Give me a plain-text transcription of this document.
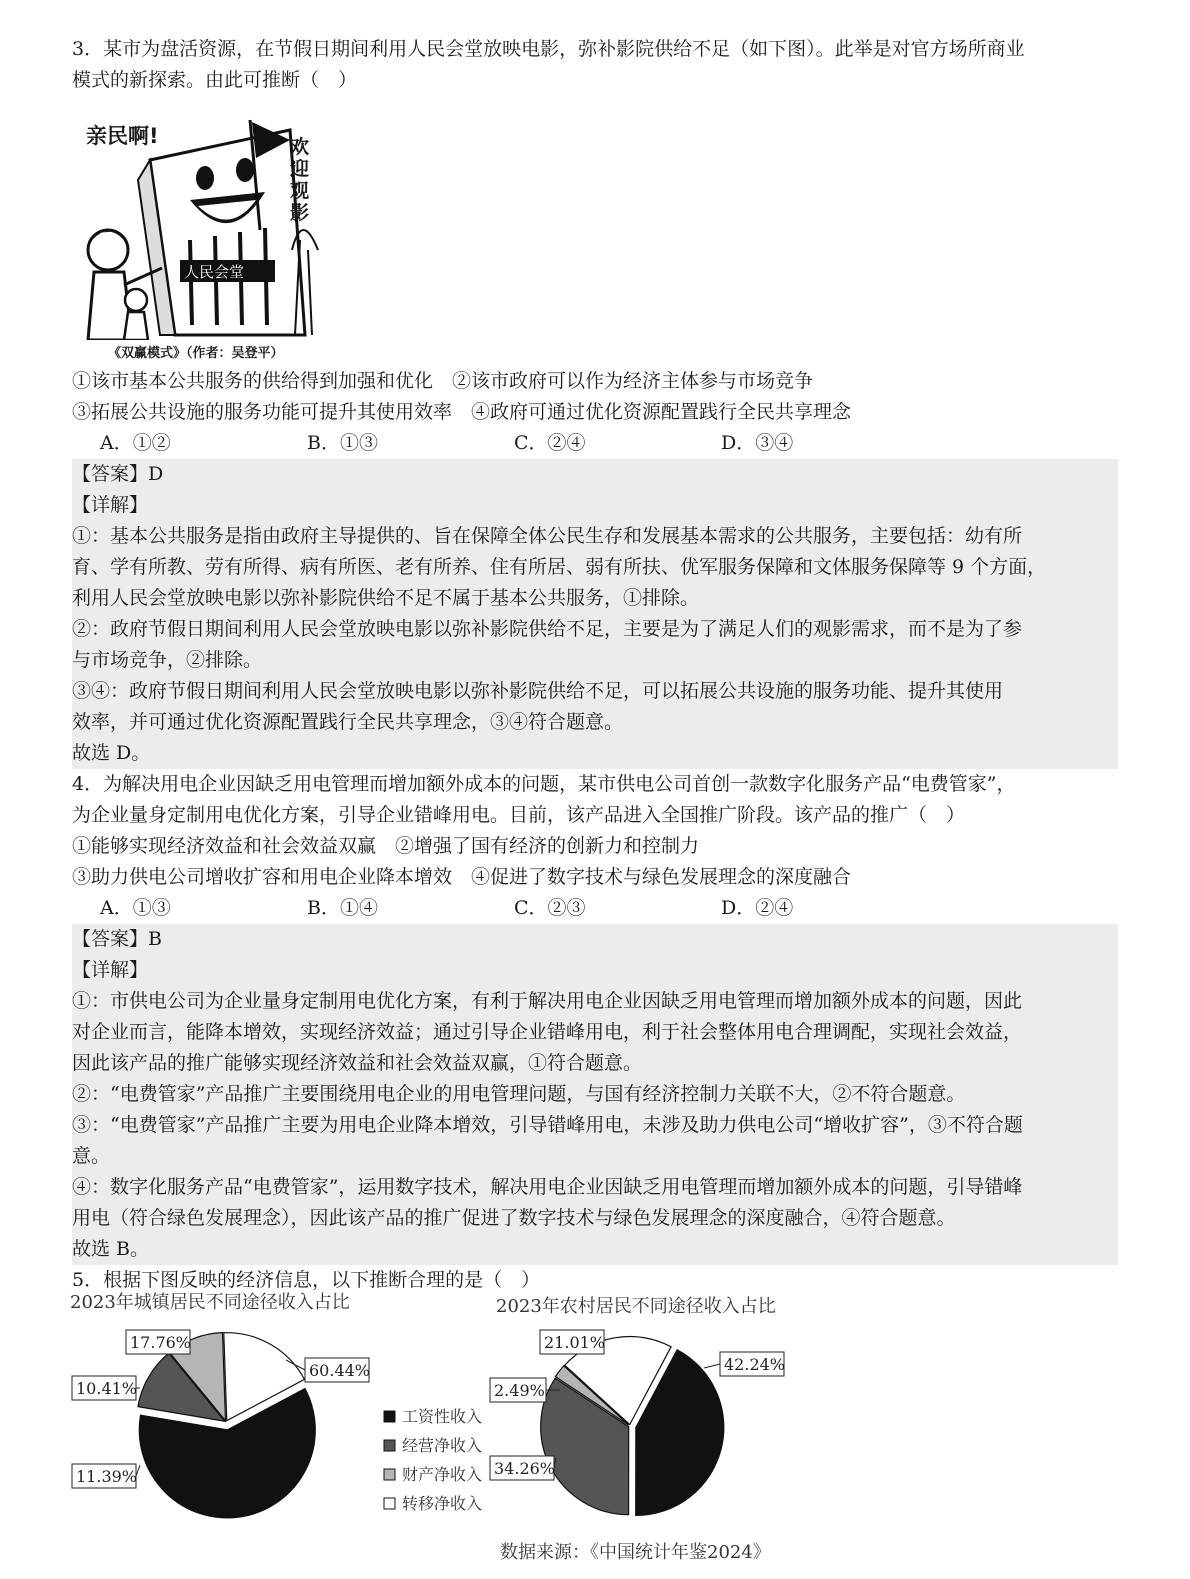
3．某市为盘活资源，在节假日期间利用人民会堂放映电影，弥补影院供给不足（如下图）。此举是对官方场所商业
模式的新探索。由此可推断（　）
人民会堂
亲民啊!	欢迎观影
《双赢模式》（作者：吴登平）
①该市基本公共服务的供给得到加强和优化　②该市政府可以作为经济主体参与市场竞争
③拓展公共设施的服务功能可提升其使用效率　④政府可通过优化资源配置践行全民共享理念
A．①②	B．①③	C．②④	D．③④
【答案】D
【详解】
①：基本公共服务是指由政府主导提供的、旨在保障全体公民生存和发展基本需求的公共服务，主要包括：幼有所
育、学有所教、劳有所得、病有所医、老有所养、住有所居、弱有所扶、优军服务保障和文体服务保障等 9 个方面，
利用人民会堂放映电影以弥补影院供给不足不属于基本公共服务，①排除。
②：政府节假日期间利用人民会堂放映电影以弥补影院供给不足，主要是为了满足人们的观影需求，而不是为了参
与市场竞争，②排除。
③④：政府节假日期间利用人民会堂放映电影以弥补影院供给不足，可以拓展公共设施的服务功能、提升其使用
效率，并可通过优化资源配置践行全民共享理念，③④符合题意。
故选 D。
4．为解决用电企业因缺乏用电管理而增加额外成本的问题，某市供电公司首创一款数字化服务产品“电费管家”，
为企业量身定制用电优化方案，引导企业错峰用电。目前，该产品进入全国推广阶段。该产品的推广（　）
①能够实现经济效益和社会效益双赢　②增强了国有经济的创新力和控制力
③助力供电公司增收扩容和用电企业降本增效　④促进了数字技术与绿色发展理念的深度融合
A．①③	B．①④	C．②③	D．②④
【答案】B
【详解】
①：市供电公司为企业量身定制用电优化方案，有利于解决用电企业因缺乏用电管理而增加额外成本的问题，因此
对企业而言，能降本增效，实现经济效益；通过引导企业错峰用电，利于社会整体用电合理调配，实现社会效益，
因此该产品的推广能够实现经济效益和社会效益双赢，①符合题意。
②：“电费管家”产品推广主要围绕用电企业的用电管理问题，与国有经济控制力关联不大，②不符合题意。
③：“电费管家”产品推广主要为用电企业降本增效，引导错峰用电，未涉及助力供电公司“增收扩容”，③不符合题
意。
④：数字化服务产品“电费管家”，运用数字技术，解决用电企业因缺乏用电管理而增加额外成本的问题，引导错峰
用电（符合绿色发展理念），因此该产品的推广促进了数字技术与绿色发展理念的深度融合，④符合题意。
故选 B。
5．根据下图反映的经济信息，以下推断合理的是（　）
2023年城镇居民不同途径收入占比	2023年农村居民不同途径收入占比
60.44%
11.39%
10.41%
17.76%
42.24%
34.26%
2.49%
21.01%
工资性收入
经营净收入
财产净收入
转移净收入
数据来源：《中国统计年鉴2024》
